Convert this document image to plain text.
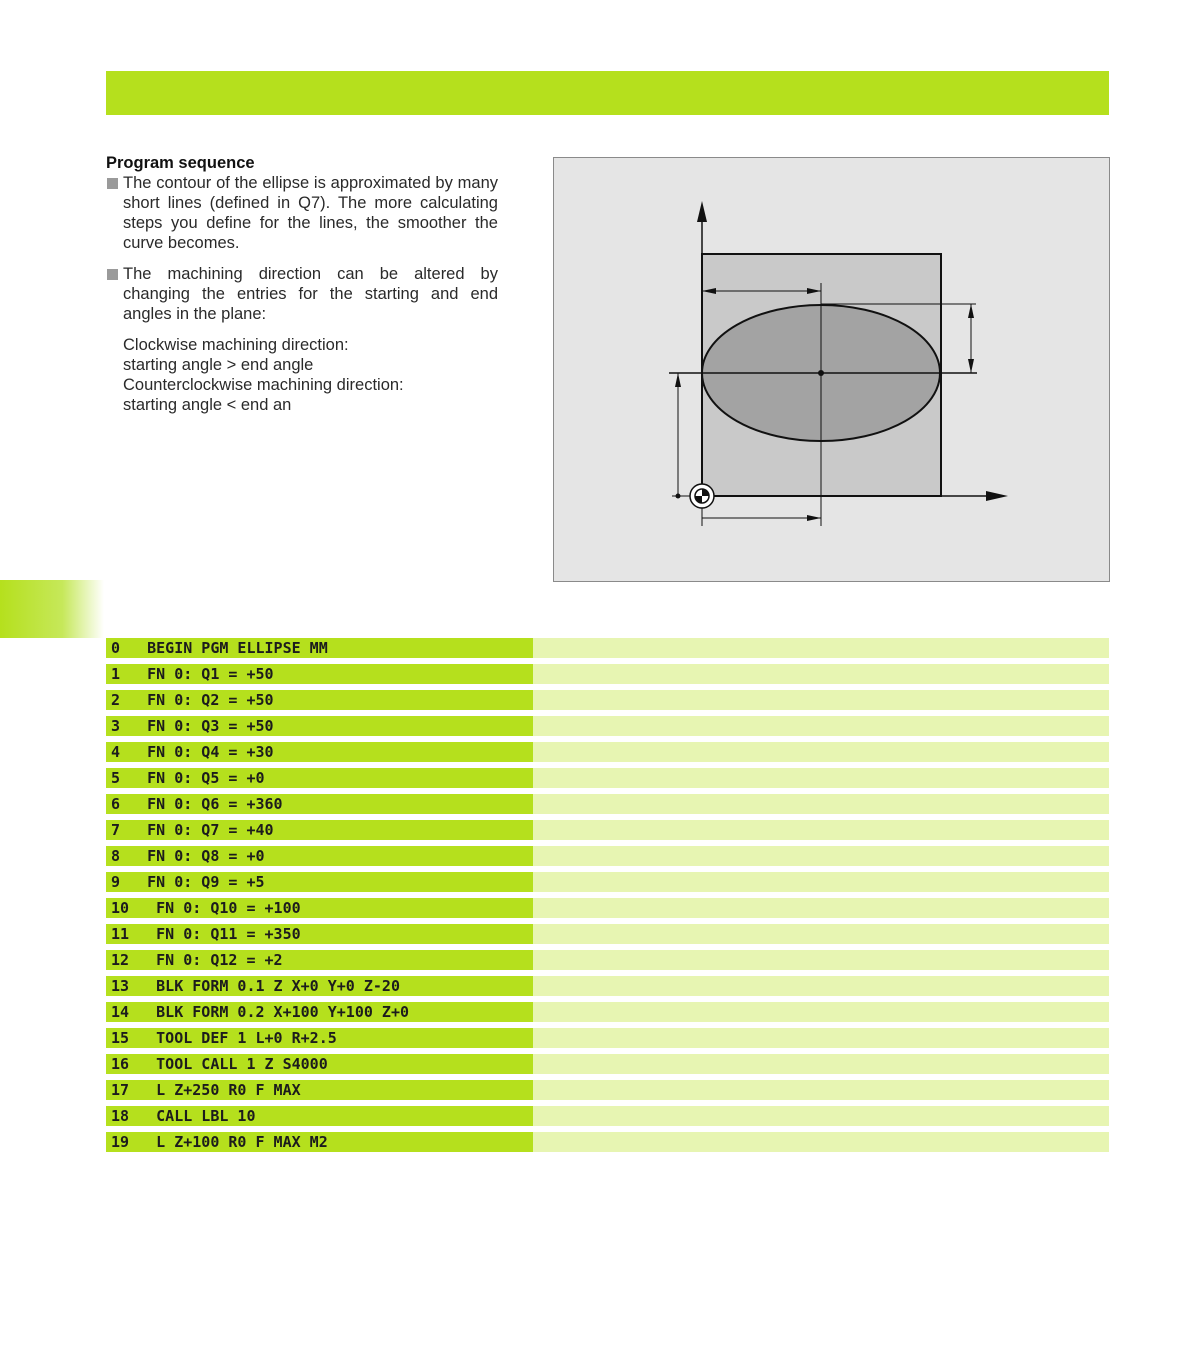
Program sequence
The contour of the ellipse is approximated by many short lines (defined in Q7). The more calculating steps you define for the lines, the smoother the curve becomes.
The machining direction can be altered by changing the entries for the starting and end angles in the plane:
Clockwise machining direction:
starting angle > end angle
Counterclockwise machining direction:
starting angle < end an
0   BEGIN PGM ELLIPSE MM
1   FN 0: Q1 = +50
2   FN 0: Q2 = +50
3   FN 0: Q3 = +50
4   FN 0: Q4 = +30
5   FN 0: Q5 = +0
6   FN 0: Q6 = +360
7   FN 0: Q7 = +40
8   FN 0: Q8 = +0
9   FN 0: Q9 = +5
10   FN 0: Q10 = +100
11   FN 0: Q11 = +350
12   FN 0: Q12 = +2
13   BLK FORM 0.1 Z X+0 Y+0 Z-20
14   BLK FORM 0.2 X+100 Y+100 Z+0
15   TOOL DEF 1 L+0 R+2.5
16   TOOL CALL 1 Z S4000
17   L Z+250 R0 F MAX
18   CALL LBL 10
19   L Z+100 R0 F MAX M2
